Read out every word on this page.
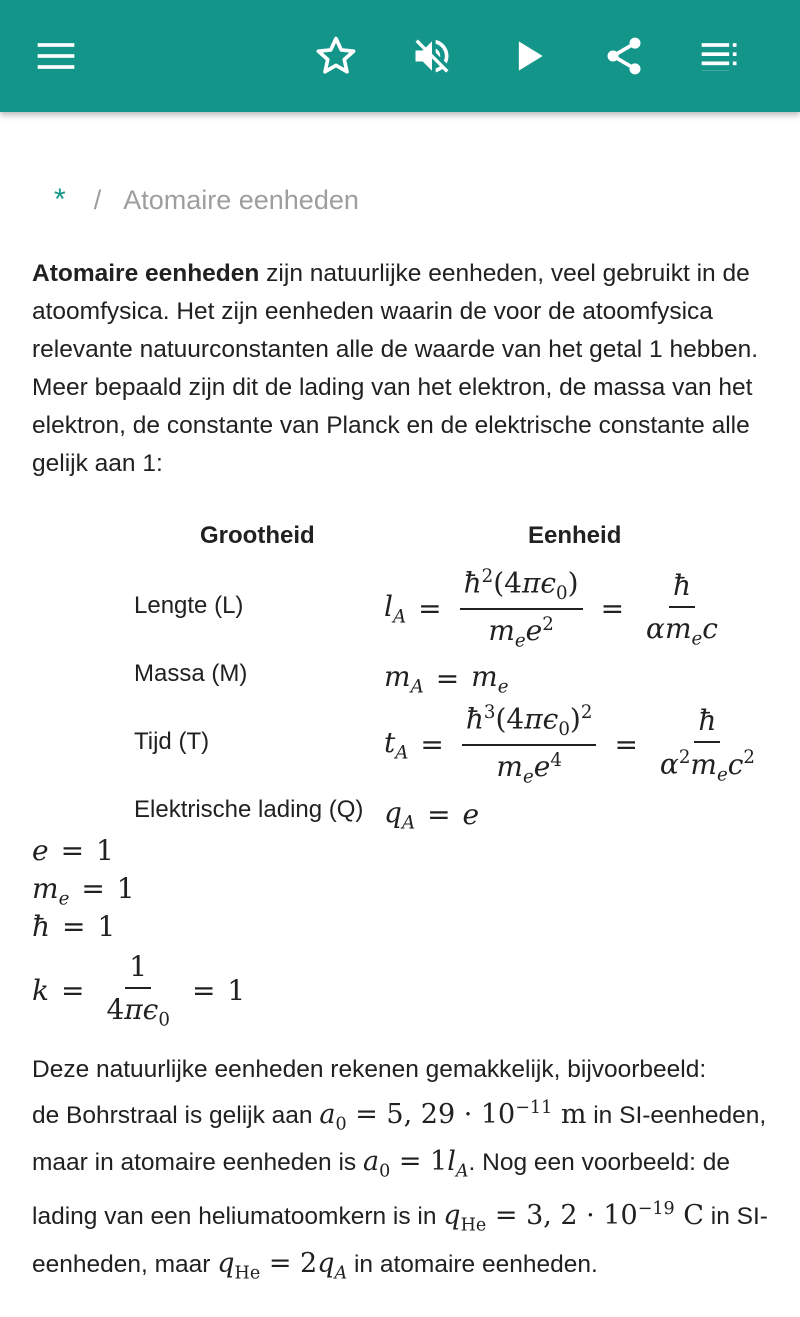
* / Atomaire eenheden

Atomaire eenheden zijn natuurlijke eenheden, veel gebruikt in de atoomfysica. Het zijn eenheden waarin de voor de atoomfysica relevante natuurconstanten alle de waarde van het getal 1 hebben. Meer bepaald zijn dit de lading van het elektron, de massa van het elektron, de constante van Planck en de elektrische constante alle gelijk aan 1:

Grootheid	Eenheid
Lengte (L)	$l_A = \frac{ħ^2(4\pi\epsilon_0)}{m_ee^2} = \frac{ħ}{\alpha m_ec}$
Massa (M)	$m_A = m_e$
Tijd (T)	$t_A = \frac{ħ^3(4\pi\epsilon_0)^2}{m_ee^4} = \frac{ħ}{\alpha^2m_ec^2}$
Elektrische lading (Q) $q_A = e$
e = 1
$m_e = 1$
ħ = 1
$k = \frac{1}{4\pi\epsilon_0} = 1$

Deze natuurlijke eenheden rekenen gemakkelijk, bijvoorbeeld:
de Bohrstraal is gelijk aan $a_0 = 5$, $29 \cdot 10^{-11}$ m in SI-eenheden, maar in atomaire eenheden is $a_0 = 1l_A$. Nog een voorbeeld: de lading van een heliumatoomkern is in $q_{He} = 3$, $2 \cdot 10^{-19}$ C in SI-eenheden, maar $q_{He} = 2q_A$ in atomaire eenheden.
